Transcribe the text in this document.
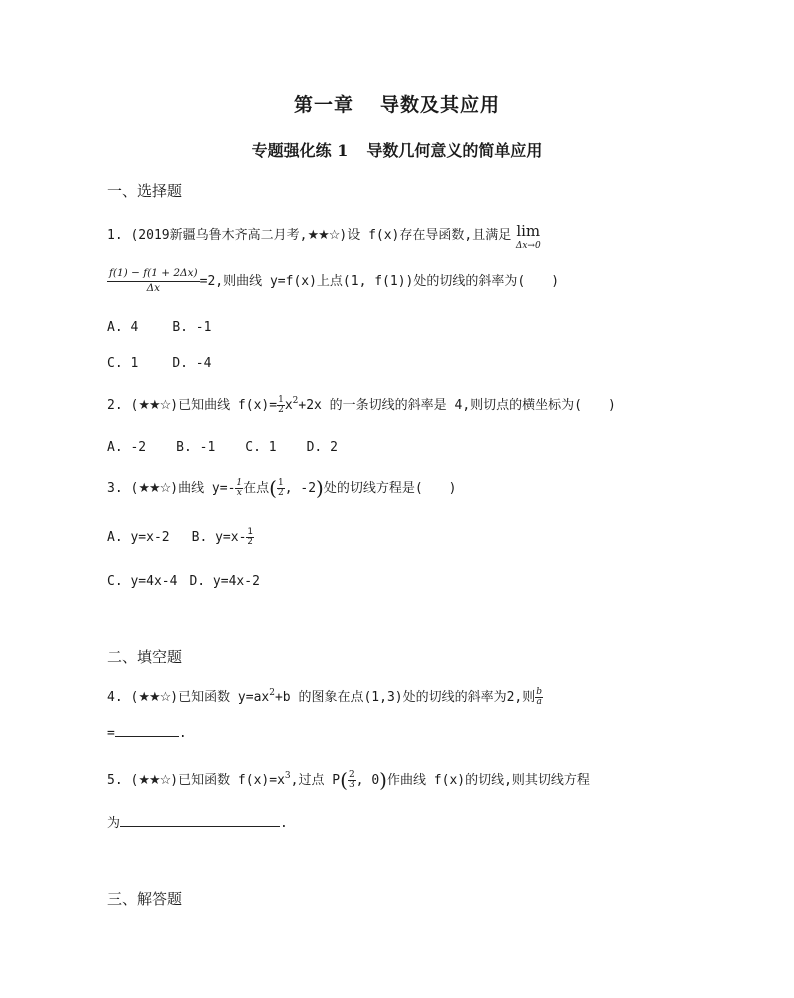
第一章 导数及其应用
专题强化练 1 导数几何意义的简单应用
一、选择题
1. (2019新疆乌鲁木齐高二月考,★★☆)设 f(x)存在导函数,且满足 lim
Δx→0
$\frac{f(1) - f(1 + 2\Delta x)}{\Delta x} =2$,则曲线 y=f(x)上点(1, f(1))处的切线的斜率为(　　)
A. 4	B. -1
C. 1	D. -4
2. (★★☆)已知曲线 $f(x)= \frac{1}{2} x^2+2x$ 的一条切线的斜率是 4,则切点的横坐标为(　　)
A. -2 B. -1 C. 1 D. 2
3. (★★☆)曲线 $y=- \frac{1}{x}$ 在点( $\frac{1}{2}$ , -2)处的切线方程是(　　)
A. y=x-2 B. $y=x- \frac{1}{2}$
C. y=4x-4 D. y=4x-2
二、填空题
4. (★★☆)已知函数 $y=ax^2+b$ 的图象在点(1,3)处的切线的斜率为2,则 $\frac{b}{a}$
=	.
5. (★★☆)已知函数 $f(x)=x^3$,过点 $P( \frac{2}{3}$ , 0)作曲线 f(x)的切线,则其切线方程
为	.
三、解答题
